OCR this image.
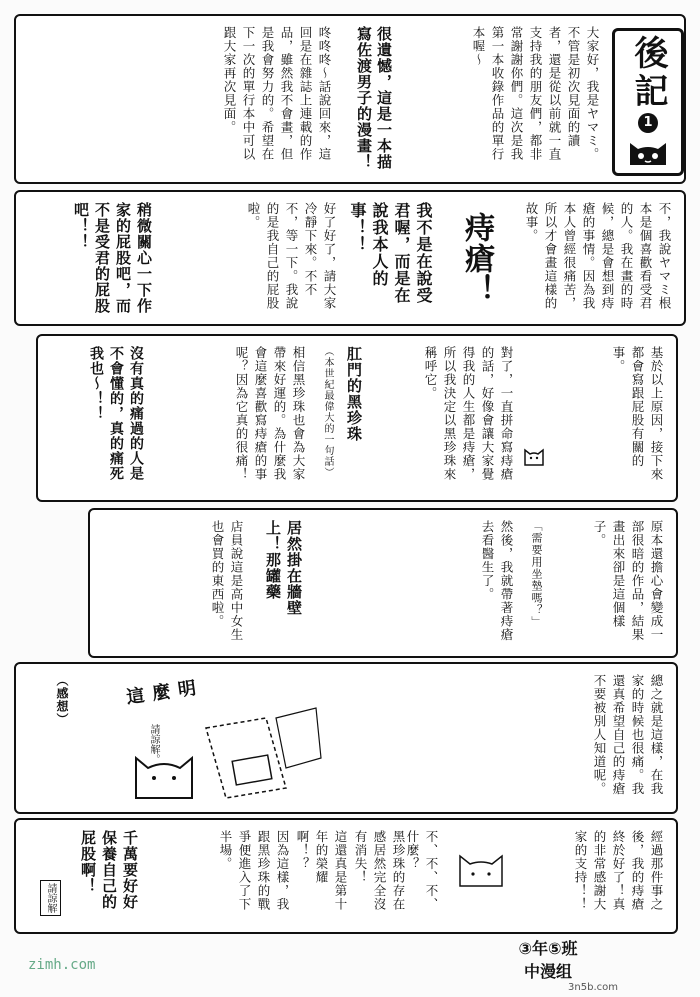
大家好，我是ヤマミ。不管是初次見面的讀者，還是從以前就一直支持我的朋友們，都非常謝謝你們。這次是我第一本收錄作品的單行本喔～
很遺憾，這是一本描寫佐渡男子的漫畫！
咚咚咚～話說回來，這回是在雜誌上連載的作品，雖然我不會畫，但是我會努力的。希望在下一次的單行本中可以跟大家再次見面。	後記
1
不，我說ヤマミ根本是個喜歡看受君的人。我在畫的時候，總是會想到痔瘡的事情。因為我本人曾經很痛苦，所以才會畫這樣的故事。
痔瘡！
我不是在說受君喔，而是在說我本人的事！！
好了好了，請大家冷靜下來。不不不，等一下。我說的是我自己的屁股啦。
稍微關心一下作家的屁股吧，而不是受君的屁股吧！！
基於以上原因，接下來都會寫跟屁股有關的事。
對了，一直拼命寫痔瘡的話，好像會讓大家覺得我的人生都是痔瘡，所以我決定以黑珍珠來稱呼它。
肛門的黑珍珠
（本世紀最偉大的一句話）
相信黑珍珠也會為大家帶來好運的。為什麼我會這麼喜歡寫痔瘡的事呢？因為它真的很痛！
沒有真的痛過的人是不會懂的，真的痛死我也～！！
原本還擔心會變成一部很暗的作品，結果畫出來卻是這個樣子。
「需要用坐墊嗎？」
然後，我就帶著痔瘡去看醫生了。
居然掛在牆壁上！那罐藥
店員說這是高中女生也會買的東西啦。
總之就是這樣，在我家的時候也很痛。我還真希望自己的痔瘡不要被別人知道呢。
這麼明
（感想）
請諒解。
經過那件事之後，我的痔瘡終於好了！真的非常感謝大家的支持！！
不、不、不、什麼？
黑珍珠的存在感居然完全沒有消失！
這還真是第十年的榮耀啊！？
因為這樣，我跟黑珍珠的戰爭便進入了下半場。
千萬要好好保養自己的屁股啊！
請諒解
③年⑤班
中漫组
3n5b.com
zimh.com
